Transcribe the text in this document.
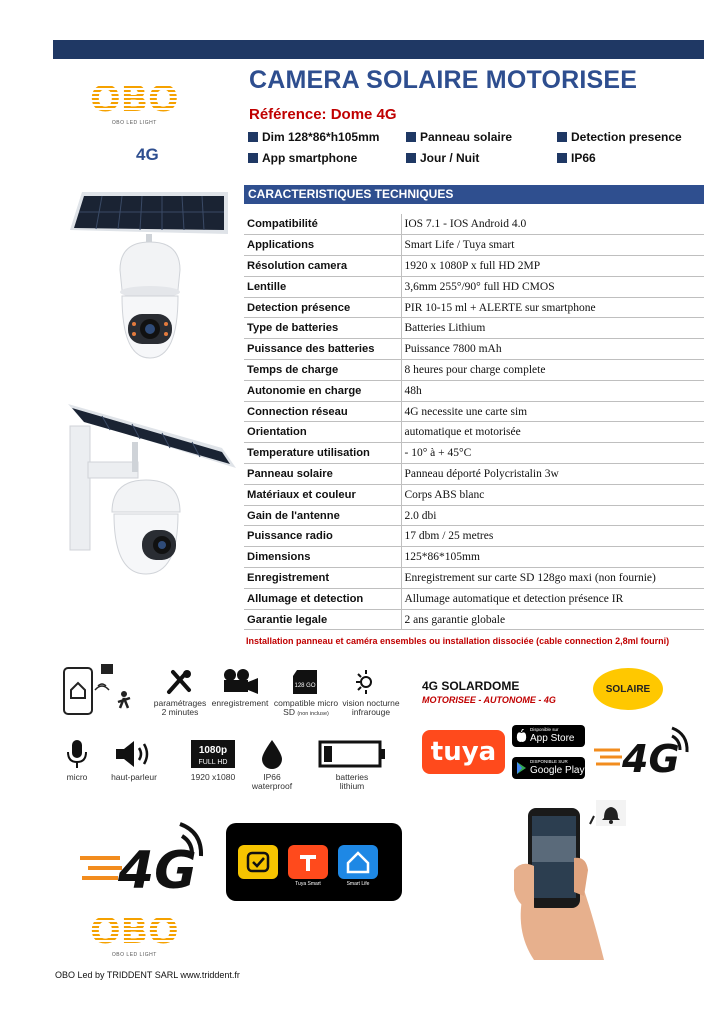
OBO
OBO LED LIGHT
4G
CAMERA SOLAIRE MOTORISEE
Référence: Dome 4G
Dim 128*86*h105mm	Panneau solaire	Detection presence
App smartphone	Jour / Nuit	IP66
CARACTERISTIQUES TECHNIQUES
Compatibilité	IOS 7.1 - IOS Android 4.0
Applications	Smart Life / Tuya smart
Résolution camera	1920 x 1080P x full HD 2MP
Lentille	3,6mm 255°/90° full HD CMOS
Detection présence	PIR 10-15 ml + ALERTE sur smartphone
Type de batteries	Batteries Lithium
Puissance des batteries	Puissance 7800 mAh
Temps de charge	8 heures pour charge complete
Autonomie en charge	48h
Connection réseau	4G necessite une carte sim
Orientation	automatique et motorisée
Temperature utilisation	- 10° à + 45°C
Panneau solaire	Panneau déporté Polycristalin 3w
Matériaux et couleur	Corps ABS blanc
Gain de l'antenne	2.0 dbi
Puissance radio	17 dbm / 25 metres
Dimensions	125*86*105mm
Enregistrement	Enregistrement sur carte SD 128go maxi (non fournie)
Allumage et detection	Allumage automatique et detection présence IR
Garantie legale	2 ans garantie globale
Installation panneau et caméra ensembles ou installation dissociée (cable connection 2,8ml fourni)
paramétrages
2 minutes
enregistrement
128 GO
compatible micro
SD (non incluse)
vision nocturne
infrarouge
micro	haut-parleur
1080p
FULL HD
1920 x1080	IP66
waterproof
batteries
lithium
4G SOLARDOME
MOTORISEE - AUTONOME - 4G
SOLAIRE
tuya
Disponible sur
App Store
DISPONIBLE SUR
Google Play 4G
4G	Tuya Smart	Smart Life
OBO
OBO LED LIGHT
OBO Led by TRIDDENT SARL www.triddent.fr
